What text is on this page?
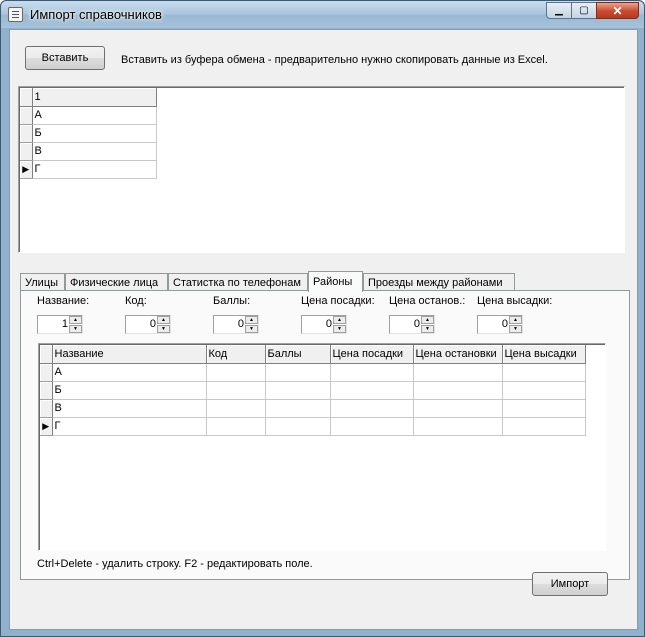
Импорт справочников	▁	▢	✕
Вставить	Вставить из буфера обмена - предварительно нужно скопировать данные из Excel.
	1
	А
	Б
	В
▶	Г
Улицы	Физические лица	Статистка по телефонам	Районы	Проезды между районами
Название:	Код:	Баллы:	Цена посадки: Цена останов.: Цена высадки:
1	▲
▼	0	▲
▼	0	▲
▼	0	▲
▼	0	▲
▼	0	▲
▼
	Название	Код	Баллы	Цена посадки	Цена остановки	Цена высадки
	А					
	Б					
	В					
▶	Г					
Ctrl+Delete - удалить строку. F2 - редактировать поле.
Импорт
